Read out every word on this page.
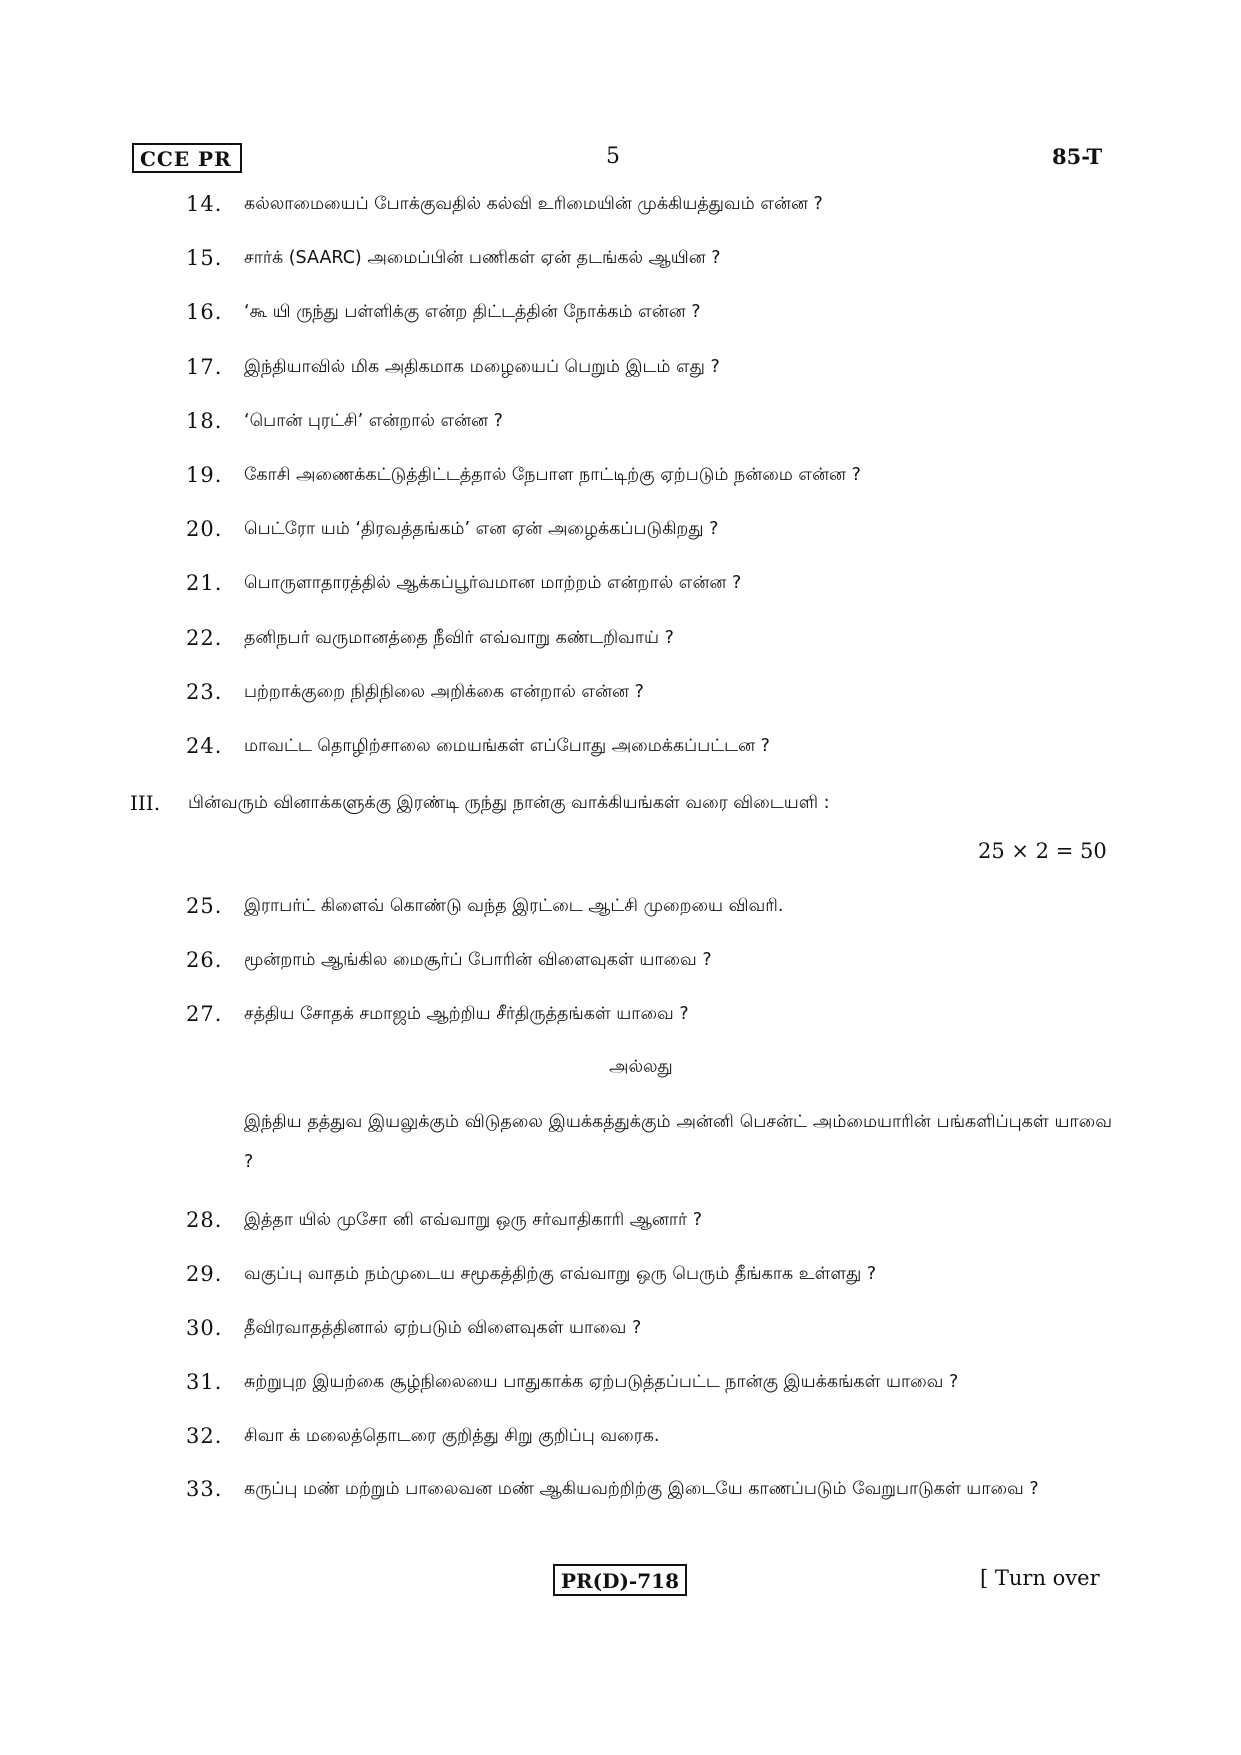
CCE PR	5	85-T
14. கல்லாமையைப் போக்குவதில் கல்வி உரிமையின் முக்கியத்துவம் என்ன ?
15. சார்க் (SAARC) அமைப்பின் பணிகள் ஏன் தடங்கல் ஆயின ?
16. ‘கூ யி ருந்து பள்ளிக்கு என்ற திட்டத்தின் நோக்கம் என்ன ?
17. இந்தியாவில் மிக அதிகமாக மழையைப் பெறும் இடம் எது ?
18. ‘பொன் புரட்சி’ என்றால் என்ன ?
19. கோசி அணைக்கட்டுத்திட்டத்தால் நேபாள நாட்டிற்கு ஏற்படும் நன்மை என்ன ?
20. பெட்ரோ யம் ‘திரவத்தங்கம்’ என ஏன் அழைக்கப்படுகிறது ?
21. பொருளாதாரத்தில் ஆக்கப்பூர்வமான மாற்றம் என்றால் என்ன ?
22. தனிநபர் வருமானத்தை நீவிர் எவ்வாறு கண்டறிவாய் ?
23. பற்றாக்குறை நிதிநிலை அறிக்கை என்றால் என்ன ?
24. மாவட்ட தொழிற்சாலை மையங்கள் எப்போது அமைக்கப்பட்டன ?
III. பின்வரும் வினாக்களுக்கு இரண்டி ருந்து நான்கு வாக்கியங்கள் வரை விடையளி :
25 × 2 = 50
25. இராபர்ட் கிளைவ் கொண்டு வந்த இரட்டை ஆட்சி முறையை விவரி.
26. மூன்றாம் ஆங்கில மைசூர்ப் போரின் விளைவுகள் யாவை ?
27. சத்திய சோதக் சமாஜம் ஆற்றிய சீர்திருத்தங்கள் யாவை ?
அல்லது
இந்திய தத்துவ இயலுக்கும் விடுதலை இயக்கத்துக்கும் அன்னி பெசன்ட் அம்மையாரின் பங்களிப்புகள் யாவை ?
28. இத்தா யில் முசோ னி எவ்வாறு ஒரு சர்வாதிகாரி ஆனார் ?
29. வகுப்பு வாதம் நம்முடைய சமூகத்திற்கு எவ்வாறு ஒரு பெரும் தீங்காக உள்ளது ?
30. தீவிரவாதத்தினால் ஏற்படும் விளைவுகள் யாவை ?
31. சுற்றுபுற இயற்கை சூழ்நிலையை பாதுகாக்க ஏற்படுத்தப்பட்ட நான்கு இயக்கங்கள் யாவை ?
32. சிவா க் மலைத்தொடரை குறித்து சிறு குறிப்பு வரைக.
33. கருப்பு மண் மற்றும் பாலைவன மண் ஆகியவற்றிற்கு இடையே காணப்படும் வேறுபாடுகள் யாவை ?
PR(D)-718	[ Turn over
